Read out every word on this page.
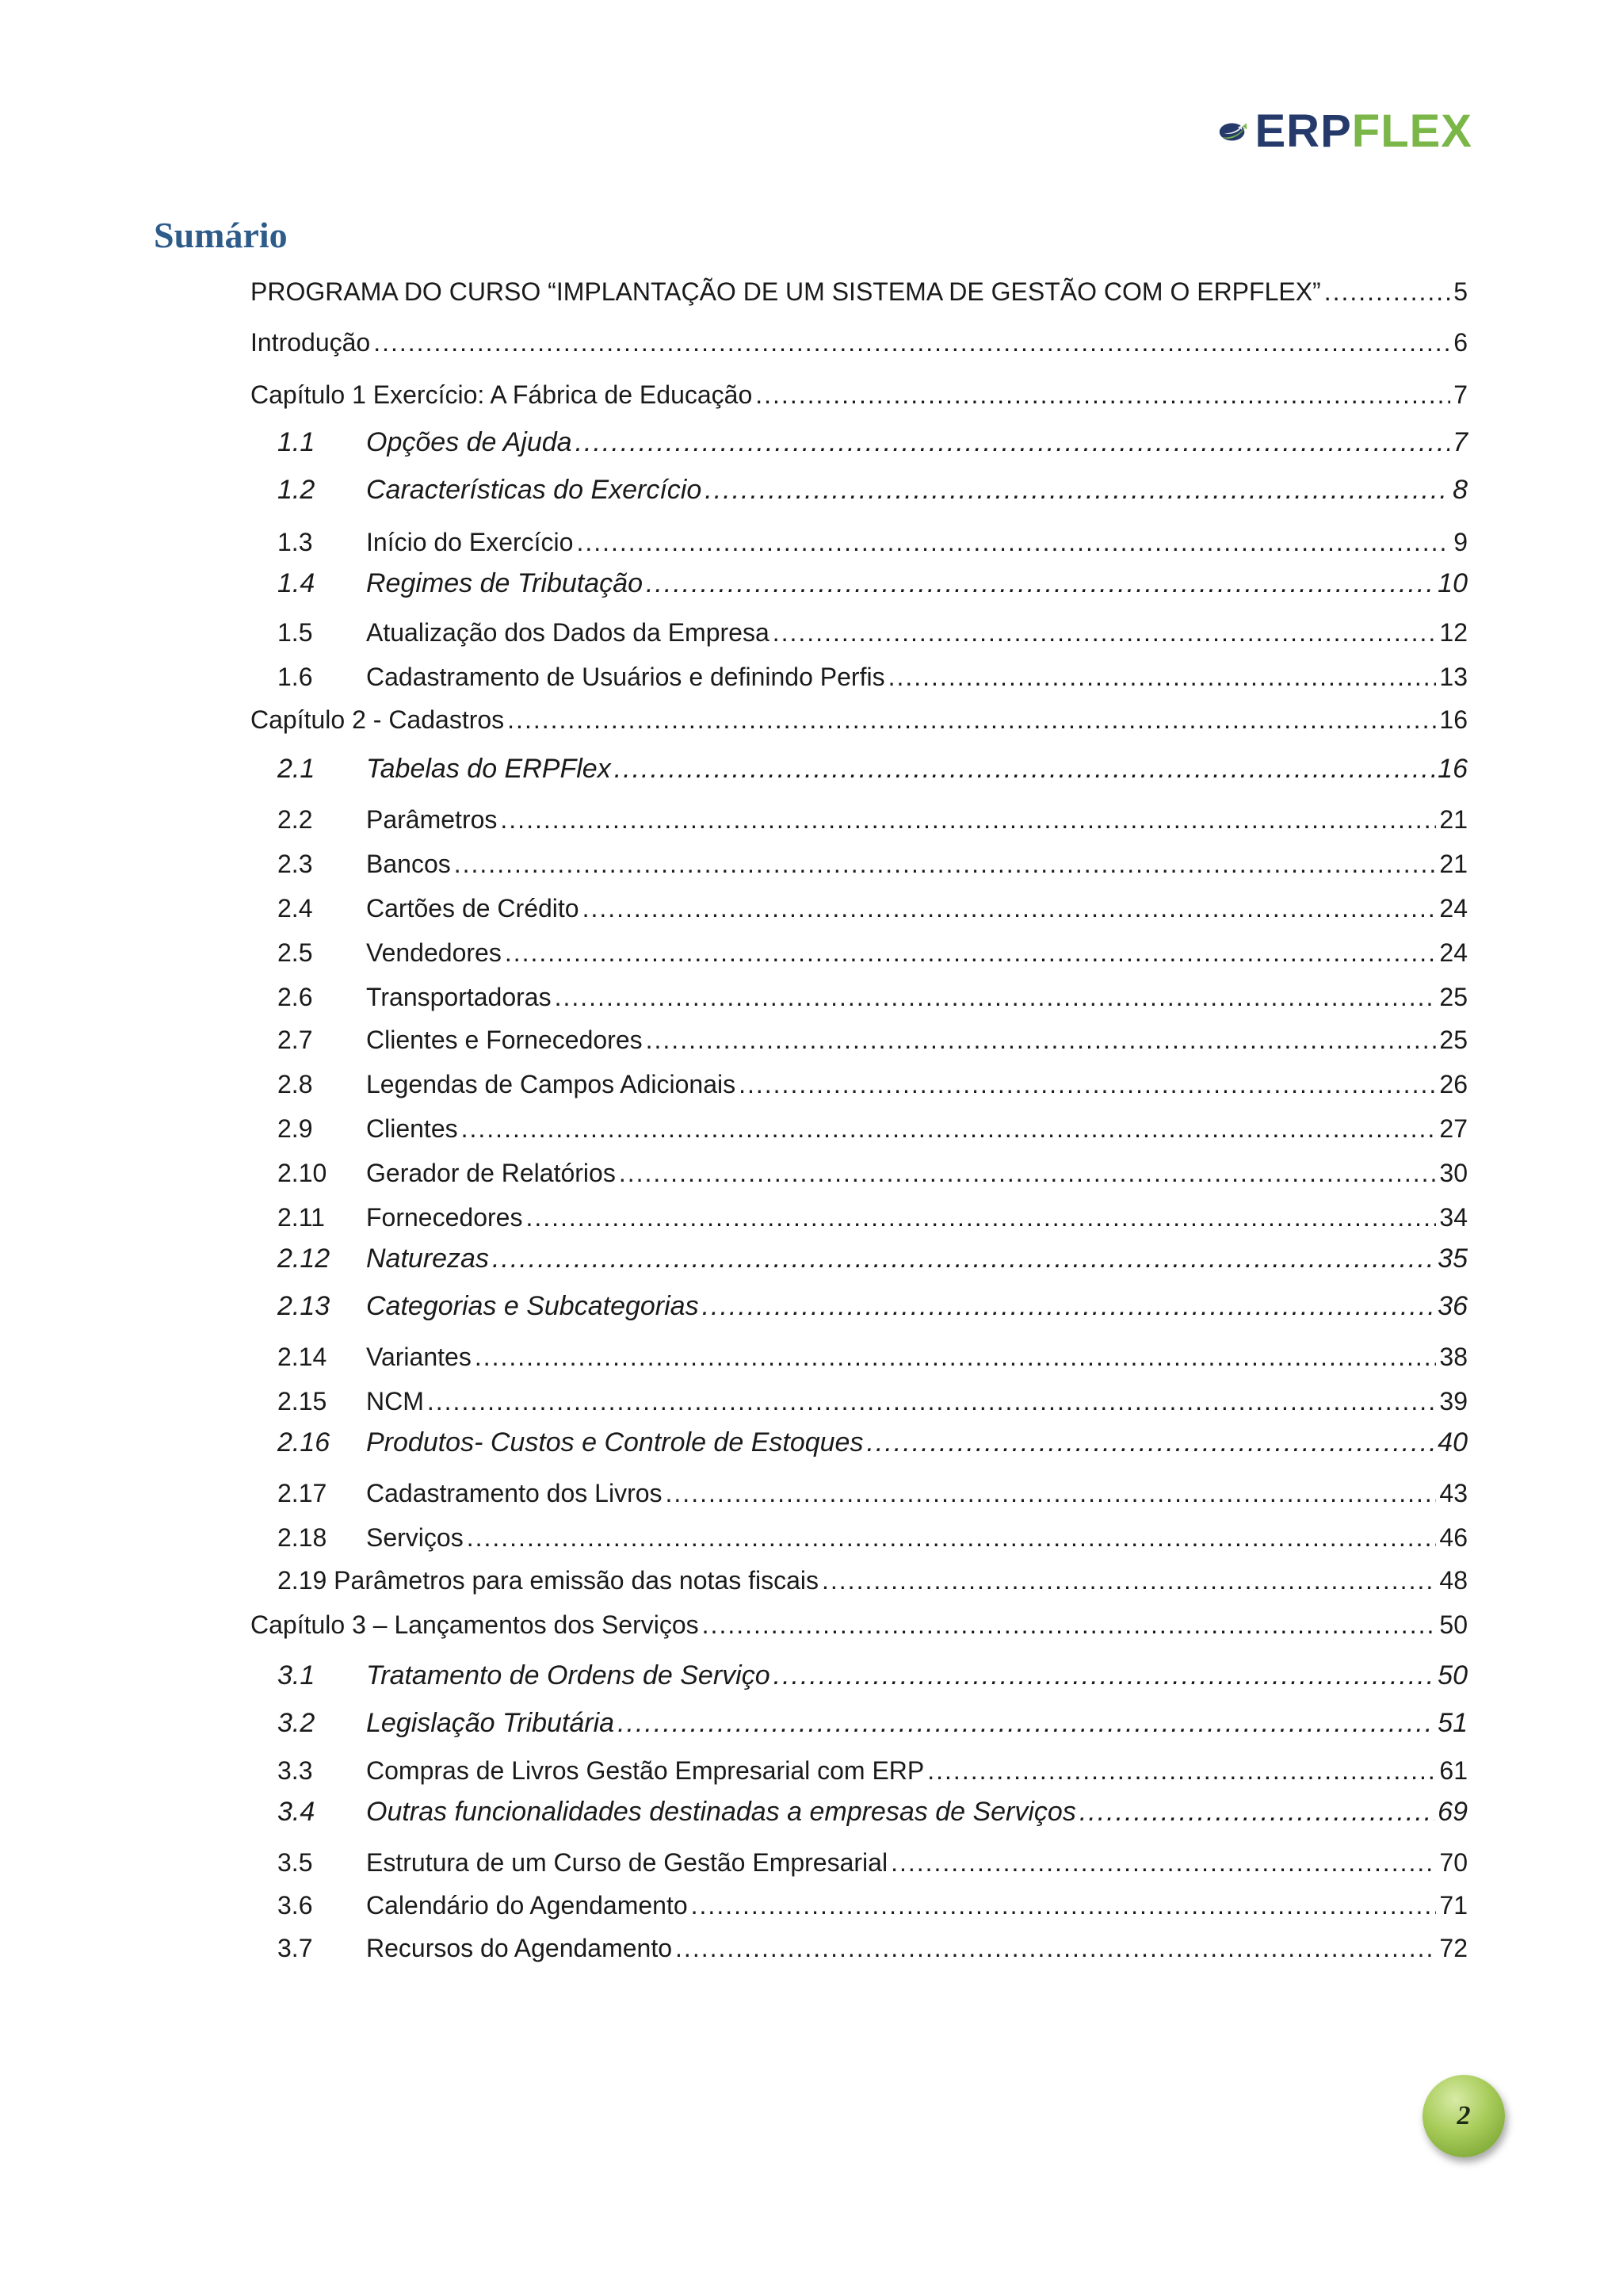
ERPFLEX
Sumário
PROGRAMA DO CURSO “IMPLANTAÇÃO DE UM SISTEMA DE GESTÃO COM O ERPFLEX” .....	5
Introdução .....	6
Capítulo 1 Exercício: A Fábrica de Educação .....	7
1.1	Opções de Ajuda .....	7
1.2	Características do Exercício .....	8
1.3	Início do Exercício .....	9
1.4	Regimes de Tributação .....	10
1.5	Atualização dos Dados da Empresa .....	12
1.6	Cadastramento de Usuários e definindo Perfis .....	13
Capítulo 2 - Cadastros .....	16
2.1	Tabelas do ERPFlex .....	16
2.2	Parâmetros .....	21
2.3	Bancos .....	21
2.4	Cartões de Crédito .....	24
2.5	Vendedores .....	24
2.6	Transportadoras .....	25
2.7	Clientes e Fornecedores .....	25
2.8	Legendas de Campos Adicionais .....	26
2.9	Clientes .....	27
2.10	Gerador de Relatórios .....	30
2.11	Fornecedores .....	34
2.12	Naturezas .....	35
2.13	Categorias e Subcategorias .....	36
2.14	Variantes .....	38
2.15	NCM .....	39
2.16	Produtos- Custos e Controle de Estoques .....	40
2.17	Cadastramento dos Livros .....	43
2.18	Serviços .....	46
2.19 Parâmetros para emissão das notas fiscais .....	48
Capítulo 3 – Lançamentos dos Serviços .....	50
3.1	Tratamento de Ordens de Serviço .....	50
3.2	Legislação Tributária .....	51
3.3	Compras de Livros Gestão Empresarial com ERP .....	61
3.4	Outras funcionalidades destinadas a empresas de Serviços .....	69
3.5	Estrutura de um Curso de Gestão Empresarial .....	70
3.6	Calendário do Agendamento .....	71
3.7	Recursos do Agendamento .....	72
2
